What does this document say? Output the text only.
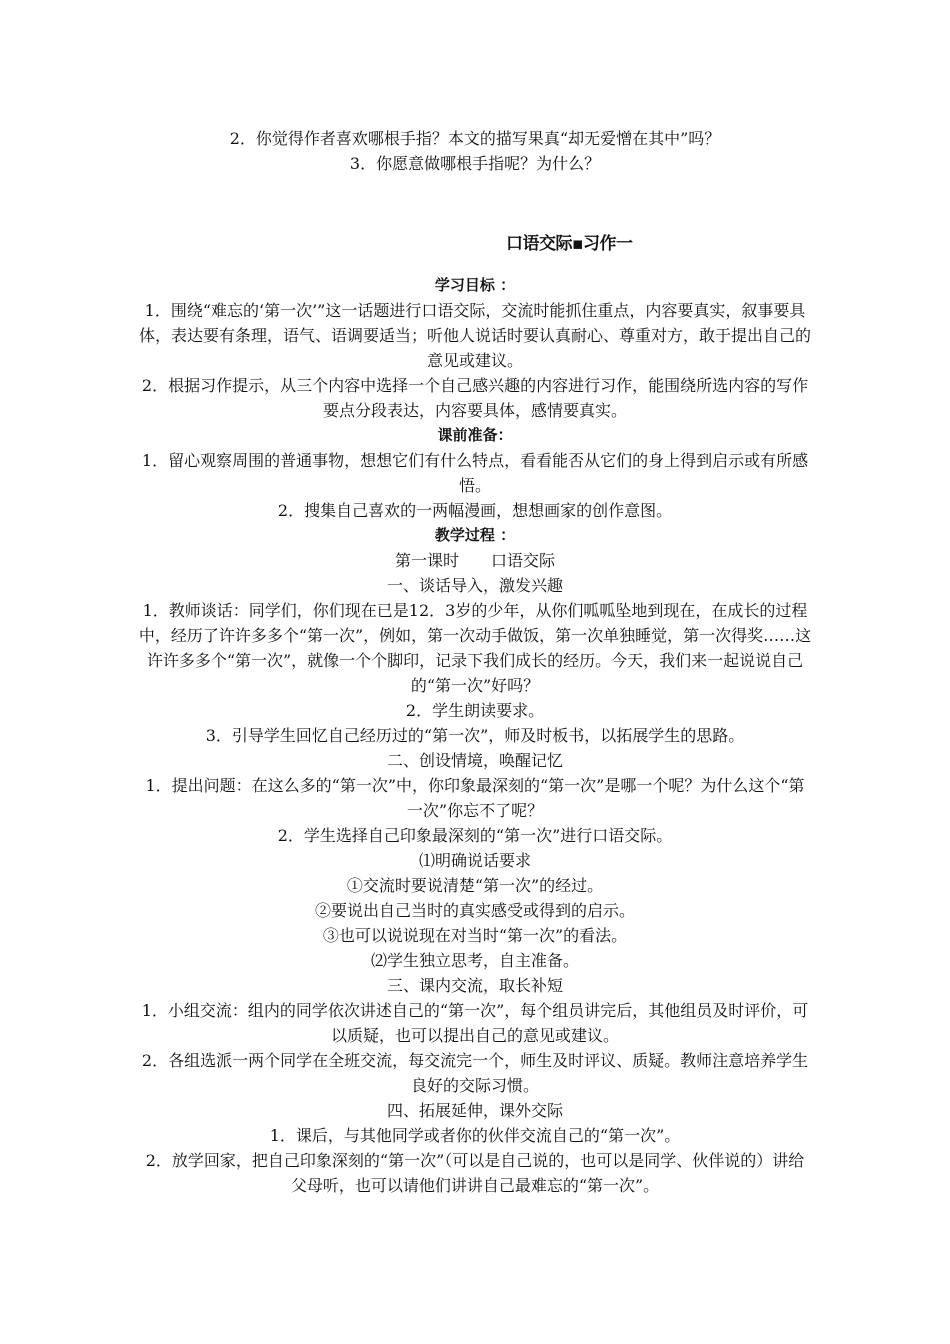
2．你觉得作者喜欢哪根手指？本文的描写果真“却无爱憎在其中”吗？
3．你愿意做哪根手指呢？为什么？
口语交际▪习作一
学习目标 ：
1．围绕“难忘的‘第一次’”这一话题进行口语交际，交流时能抓住重点，内容要真实，叙事要具体，表达要有条理，语气、语调要适当；听他人说话时要认真耐心、尊重对方，敢于提出自己的意见或建议。
2．根据习作提示，从三个内容中选择一个自己感兴趣的内容进行习作，能围绕所选内容的写作要点分段表达，内容要具体，感情要真实。
课前准备：
1．留心观察周围的普通事物，想想它们有什么特点，看看能否从它们的身上得到启示或有所感悟。
2．搜集自己喜欢的一两幅漫画，想想画家的创作意图。
教学过程 ：
第一课时　　口语交际
一、谈话导入，激发兴趣
1．教师谈话：同学们，你们现在已是12．3岁的少年，从你们呱呱坠地到现在，在成长的过程中，经历了许许多多个“第一次”，例如，第一次动手做饭，第一次单独睡觉，第一次得奖……这许许多多个“第一次”，就像一个个脚印，记录下我们成长的经历。今天，我们来一起说说自己的“第一次”好吗？
2．学生朗读要求。
3．引导学生回忆自己经历过的“第一次”，师及时板书，以拓展学生的思路。
二、创设情境，唤醒记忆
1．提出问题：在这么多的“第一次”中，你印象最深刻的“第一次”是哪一个呢？为什么这个“第一次”你忘不了呢？
2．学生选择自己印象最深刻的“第一次”进行口语交际。
⑴明确说话要求
①交流时要说清楚“第一次”的经过。
②要说出自己当时的真实感受或得到的启示。
③也可以说说现在对当时“第一次”的看法。
⑵学生独立思考，自主准备。
三、课内交流，取长补短
1．小组交流：组内的同学依次讲述自己的“第一次”，每个组员讲完后，其他组员及时评价，可以质疑，也可以提出自己的意见或建议。
2．各组选派一两个同学在全班交流，每交流完一个，师生及时评议、质疑。教师注意培养学生良好的交际习惯。
四、拓展延伸，课外交际
1．课后，与其他同学或者你的伙伴交流自己的“第一次”。
2．放学回家，把自己印象深刻的“第一次”（可以是自己说的，也可以是同学、伙伴说的）讲给父母听，也可以请他们讲讲自己最难忘的“第一次”。
